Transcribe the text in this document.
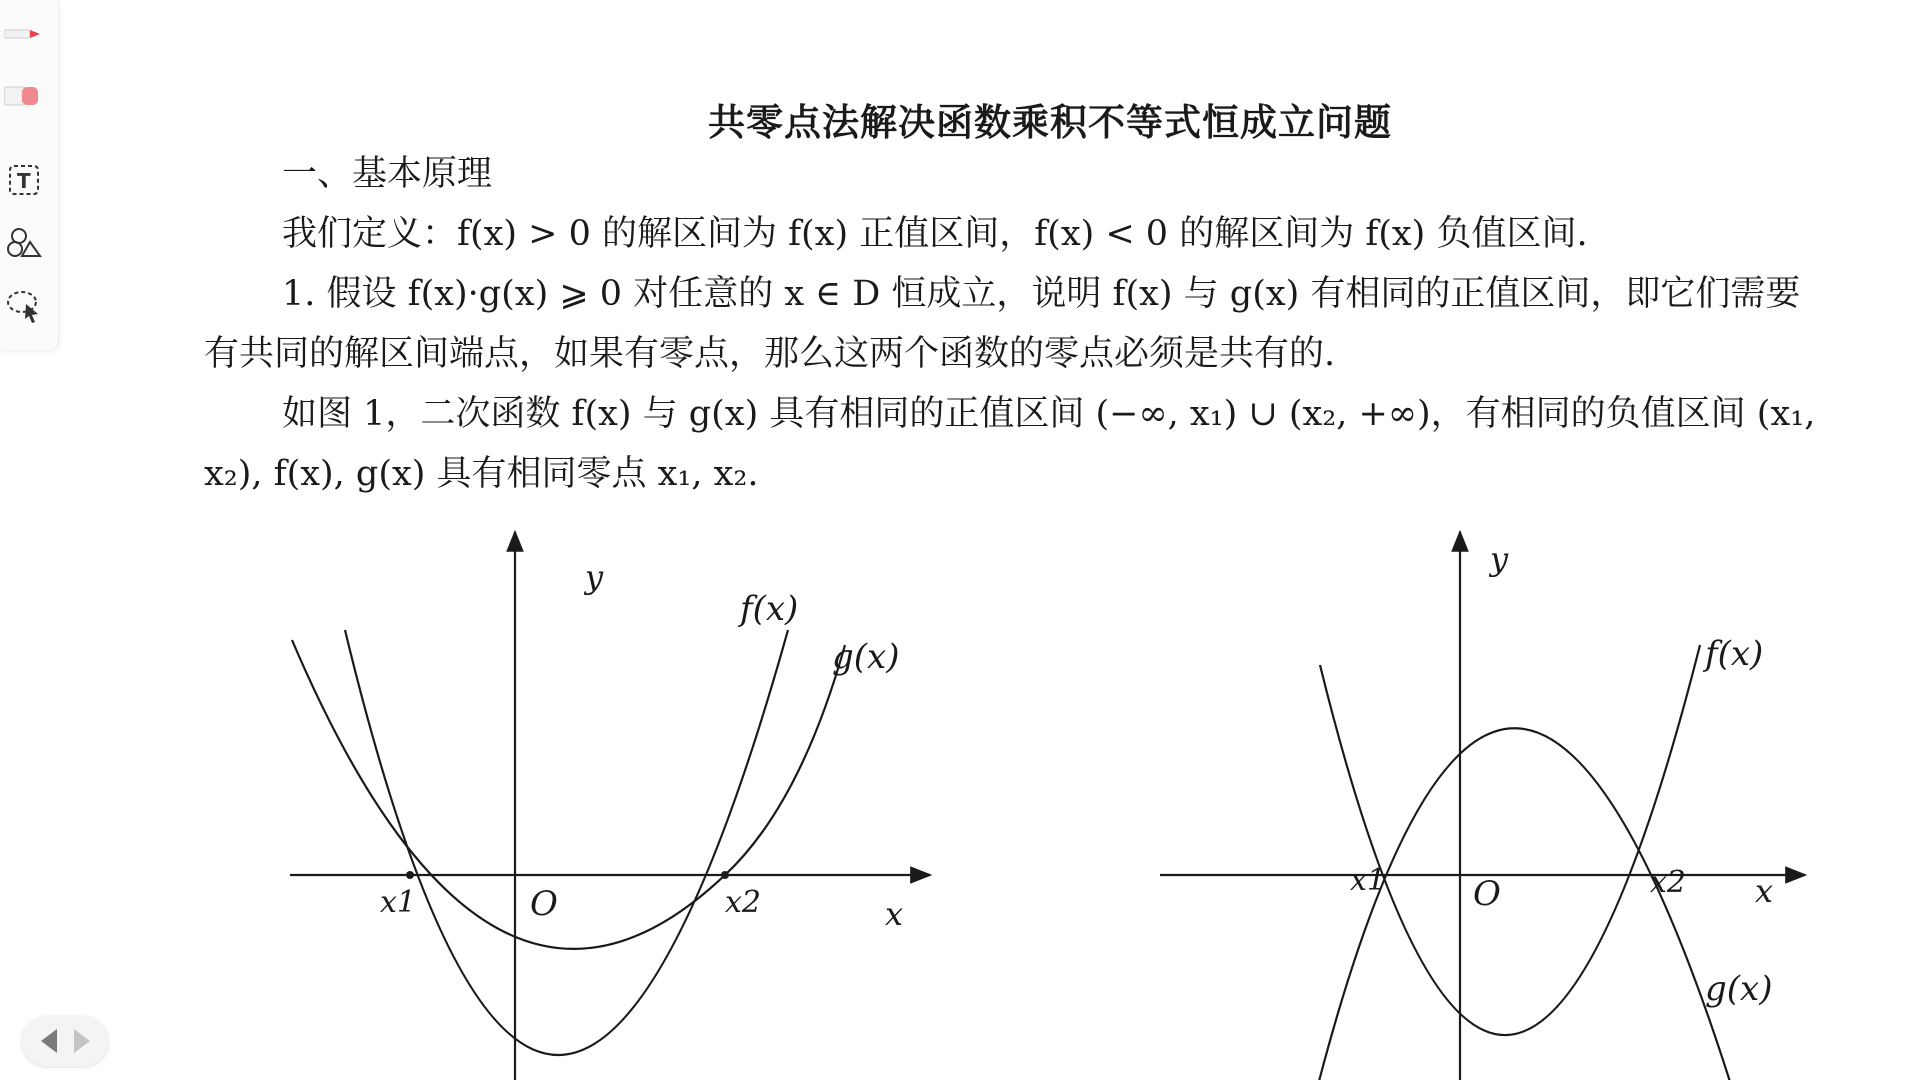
T
共零点法解决函数乘积不等式恒成立问题
一、基本原理
我们定义：f(x) > 0 的解区间为 f(x) 正值区间，f(x) < 0 的解区间为 f(x) 负值区间.
1. 假设 f(x)·g(x) ⩾ 0 对任意的 x ∈ D 恒成立，说明 f(x) 与 g(x) 有相同的正值区间，即它们需要
有共同的解区间端点，如果有零点，那么这两个函数的零点必须是共有的.
如图 1，二次函数 f(x) 与 g(x) 具有相同的正值区间 (−∞, x₁) ∪ (x₂, +∞)，有相同的负值区间 (x₁,
x₂), f(x), g(x) 具有相同零点 x₁, x₂.
y
f(x)
g(x)
x1	x2
O	x
y
f(x)
g(x)
x1	x2
O	x
